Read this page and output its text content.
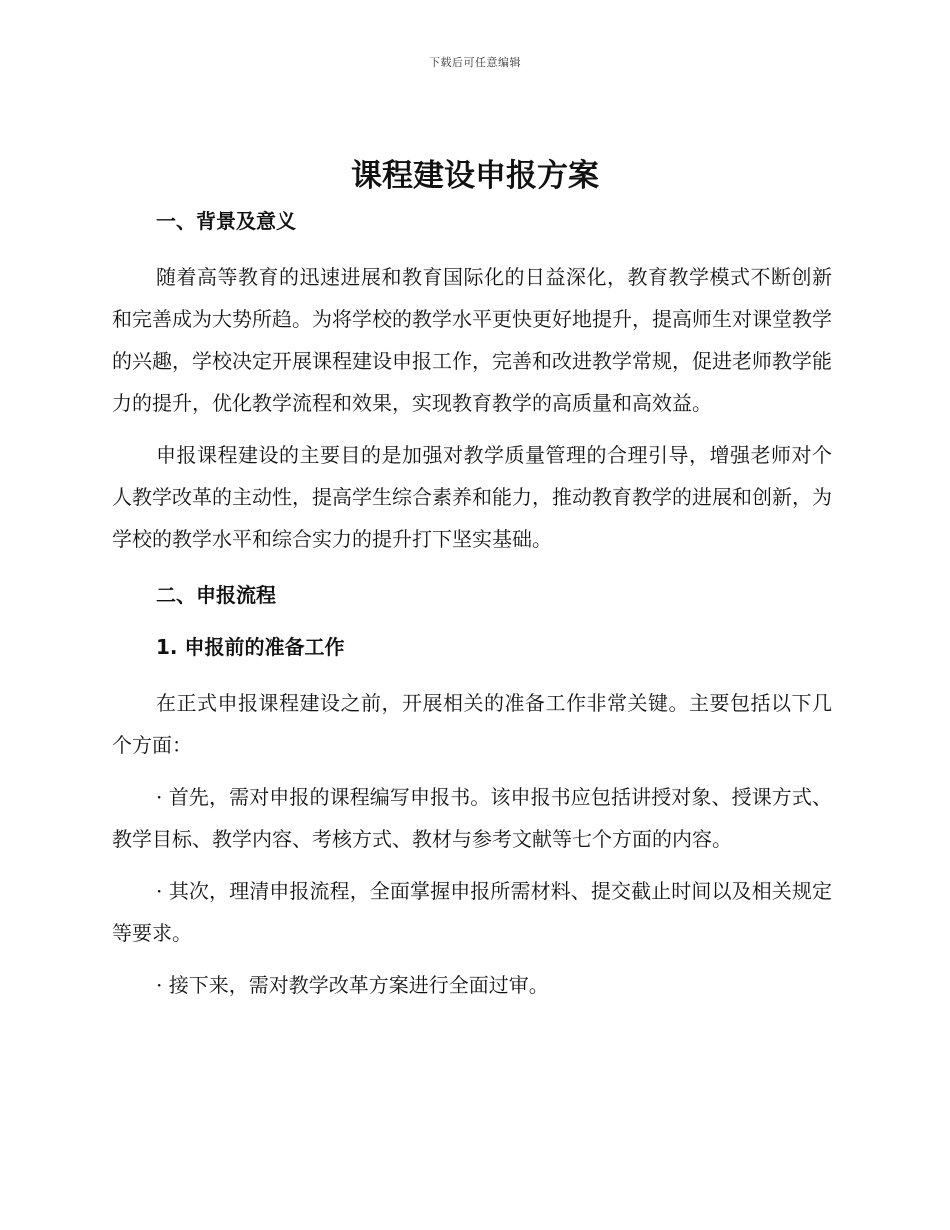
下载后可任意编辑
课程建设申报方案
一、背景及意义

随着高等教育的迅速进展和教育国际化的日益深化，教育教学模式不断创新和完善成为大势所趋。为将学校的教学水平更快更好地提升，提高师生对课堂教学的兴趣，学校决定开展课程建设申报工作，完善和改进教学常规，促进老师教学能力的提升，优化教学流程和效果，实现教育教学的高质量和高效益。

申报课程建设的主要目的是加强对教学质量管理的合理引导，增强老师对个人教学改革的主动性，提高学生综合素养和能力，推动教育教学的进展和创新，为学校的教学水平和综合实力的提升打下坚实基础。

二、申报流程
1. 申报前的准备工作

在正式申报课程建设之前，开展相关的准备工作非常关键。主要包括以下几个方面：

· 首先，需对申报的课程编写申报书。该申报书应包括讲授对象、授课方式、教学目标、教学内容、考核方式、教材与参考文献等七个方面的内容。

· 其次，理清申报流程，全面掌握申报所需材料、提交截止时间以及相关规定等要求。

· 接下来，需对教学改革方案进行全面过审。
